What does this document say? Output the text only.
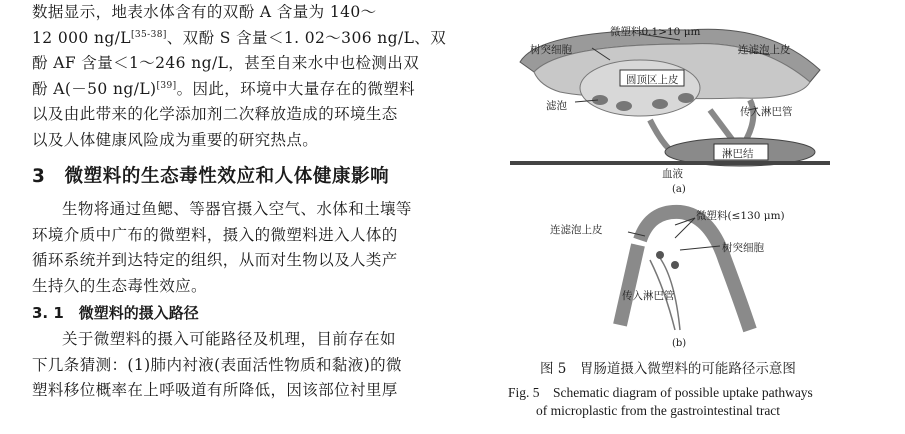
数据显示，地表水体含有的双酚 A 含量为 140～
12 000 ng/L[35-38]、双酚 S 含量＜1. 02～306 ng/L、双
酚 AF 含量＜1～246 ng/L，甚至自来水中也检测出双
酚 A(－50 ng/L)[39]。因此，环境中大量存在的微塑料
以及由此带来的化学添加剂二次释放造成的环境生态
以及人体健康风险成为重要的研究热点。
3　微塑料的生态毒性效应和人体健康影响
生物将通过鱼鳃、等器官摄入空气、水体和土壤等
环境介质中广布的微塑料，摄入的微塑料进入人体的
循环系统并到达特定的组织，从而对生物以及人类产
生持久的生态毒性效应。
3. 1　微塑料的摄入路径
关于微塑料的摄入可能路径及机理，目前存在如
下几条猜测：(1)肺内衬液(表面活性物质和黏液)的微
塑料移位概率在上呼吸道有所降低，因该部位衬里厚
微塑料0.1>10 μm
树突细胞	连滤泡上皮
圆顶区上皮
滤泡	传入淋巴管
淋巴结
血液
(a)
连滤泡上皮
微塑料(≤130 μm)
树突细胞
传入淋巴管
(b)
图 5　胃肠道摄入微塑料的可能路径示意图
Fig. 5　Schematic diagram of possible uptake pathways
of microplastic from the gastrointestinal tract
